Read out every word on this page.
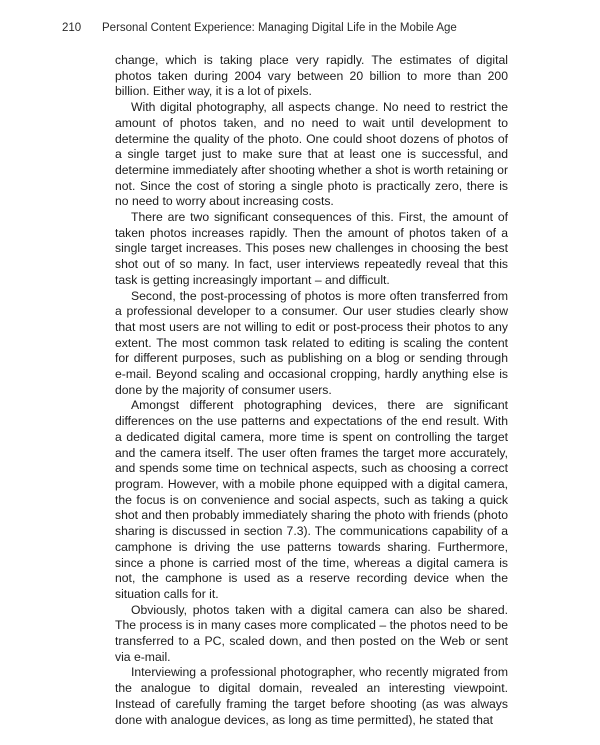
210 Personal Content Experience: Managing Digital Life in the Mobile Age

change, which is taking place very rapidly. The estimates of digital photos taken during 2004 vary between 20 billion to more than 200 billion. Either way, it is a lot of pixels.

With digital photography, all aspects change. No need to restrict the amount of photos taken, and no need to wait until development to determine the quality of the photo. One could shoot dozens of photos of a single target just to make sure that at least one is successful, and determine immediately after shooting whether a shot is worth retaining or not. Since the cost of storing a single photo is practically zero, there is no need to worry about increasing costs.

There are two significant consequences of this. First, the amount of taken photos increases rapidly. Then the amount of photos taken of a single target increases. This poses new challenges in choosing the best shot out of so many. In fact, user interviews repeatedly reveal that this task is getting increasingly important – and difficult.

Second, the post-processing of photos is more often transferred from a professional developer to a consumer. Our user studies clearly show that most users are not willing to edit or post-process their photos to any extent. The most common task related to editing is scaling the content for different purposes, such as publishing on a blog or sending through e-mail. Beyond scaling and occasional cropping, hardly anything else is done by the majority of consumer users.

Amongst different photographing devices, there are significant differences on the use patterns and expectations of the end result. With a dedicated digital camera, more time is spent on controlling the target and the camera itself. The user often frames the target more accurately, and spends some time on technical aspects, such as choosing a correct program. However, with a mobile phone equipped with a digital camera, the focus is on convenience and social aspects, such as taking a quick shot and then probably immediately sharing the photo with friends (photo sharing is discussed in section 7.3). The communications capability of a camphone is driving the use patterns towards sharing. Furthermore, since a phone is carried most of the time, whereas a digital camera is not, the camphone is used as a reserve recording device when the situation calls for it.

Obviously, photos taken with a digital camera can also be shared. The process is in many cases more complicated – the photos need to be transferred to a PC, scaled down, and then posted on the Web or sent via e-mail.

Interviewing a professional photographer, who recently migrated from the analogue to digital domain, revealed an interesting viewpoint. Instead of carefully framing the target before shooting (as was always done with analogue devices, as long as time permitted), he stated that
